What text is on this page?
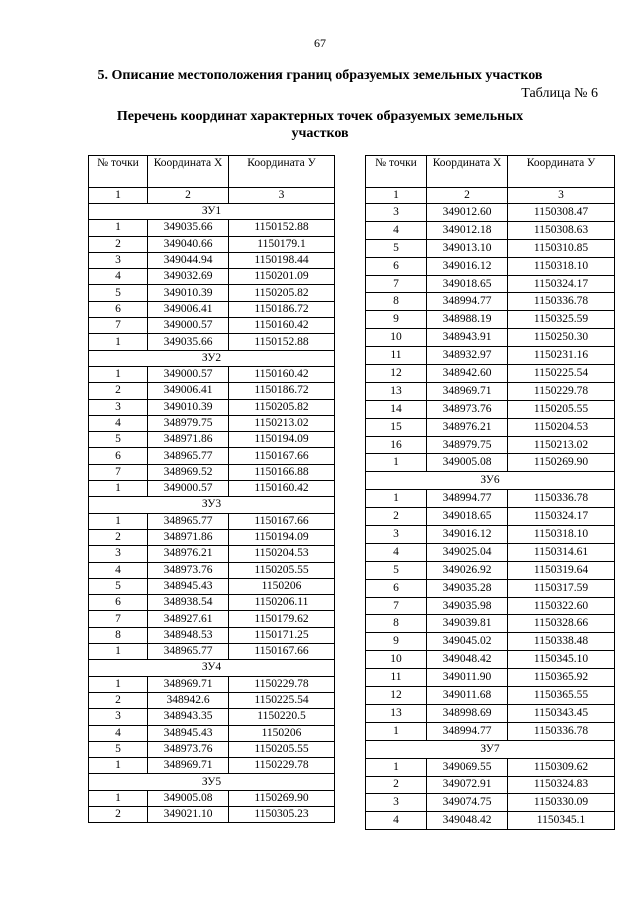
67
5. Описание местоположения границ образуемых земельных участков
Таблица № 6
Перечень координат характерных точек образуемых земельных участков
№ точки	Координата Х	Координата У
1	2	3
ЗУ1		
1	349035.66	1150152.88
2	349040.66	1150179.1
3	349044.94	1150198.44
4	349032.69	1150201.09
5	349010.39	1150205.82
6	349006.41	1150186.72
7	349000.57	1150160.42
1	349035.66	1150152.88
ЗУ2		
1	349000.57	1150160.42
2	349006.41	1150186.72
3	349010.39	1150205.82
4	348979.75	1150213.02
5	348971.86	1150194.09
6	348965.77	1150167.66
7	348969.52	1150166.88
1	349000.57	1150160.42
ЗУ3		
1	348965.77	1150167.66
2	348971.86	1150194.09
3	348976.21	1150204.53
4	348973.76	1150205.55
5	348945.43	1150206
6	348938.54	1150206.11
7	348927.61	1150179.62
8	348948.53	1150171.25
1	348965.77	1150167.66
ЗУ4		
1	348969.71	1150229.78
2	348942.6	1150225.54
3	348943.35	1150220.5
4	348945.43	1150206
5	348973.76	1150205.55
1	348969.71	1150229.78
ЗУ5		
1	349005.08	1150269.90
2	349021.10	1150305.23
№ точки	Координата Х	Координата У
1	2	3
3	349012.60	1150308.47
4	349012.18	1150308.63
5	349013.10	1150310.85
6	349016.12	1150318.10
7	349018.65	1150324.17
8	348994.77	1150336.78
9	348988.19	1150325.59
10	348943.91	1150250.30
11	348932.97	1150231.16
12	348942.60	1150225.54
13	348969.71	1150229.78
14	348973.76	1150205.55
15	348976.21	1150204.53
16	348979.75	1150213.02
1	349005.08	1150269.90
ЗУ6		
1	348994.77	1150336.78
2	349018.65	1150324.17
3	349016.12	1150318.10
4	349025.04	1150314.61
5	349026.92	1150319.64
6	349035.28	1150317.59
7	349035.98	1150322.60
8	349039.81	1150328.66
9	349045.02	1150338.48
10	349048.42	1150345.10
11	349011.90	1150365.92
12	349011.68	1150365.55
13	348998.69	1150343.45
1	348994.77	1150336.78
ЗУ7		
1	349069.55	1150309.62
2	349072.91	1150324.83
3	349074.75	1150330.09
4	349048.42	1150345.1
